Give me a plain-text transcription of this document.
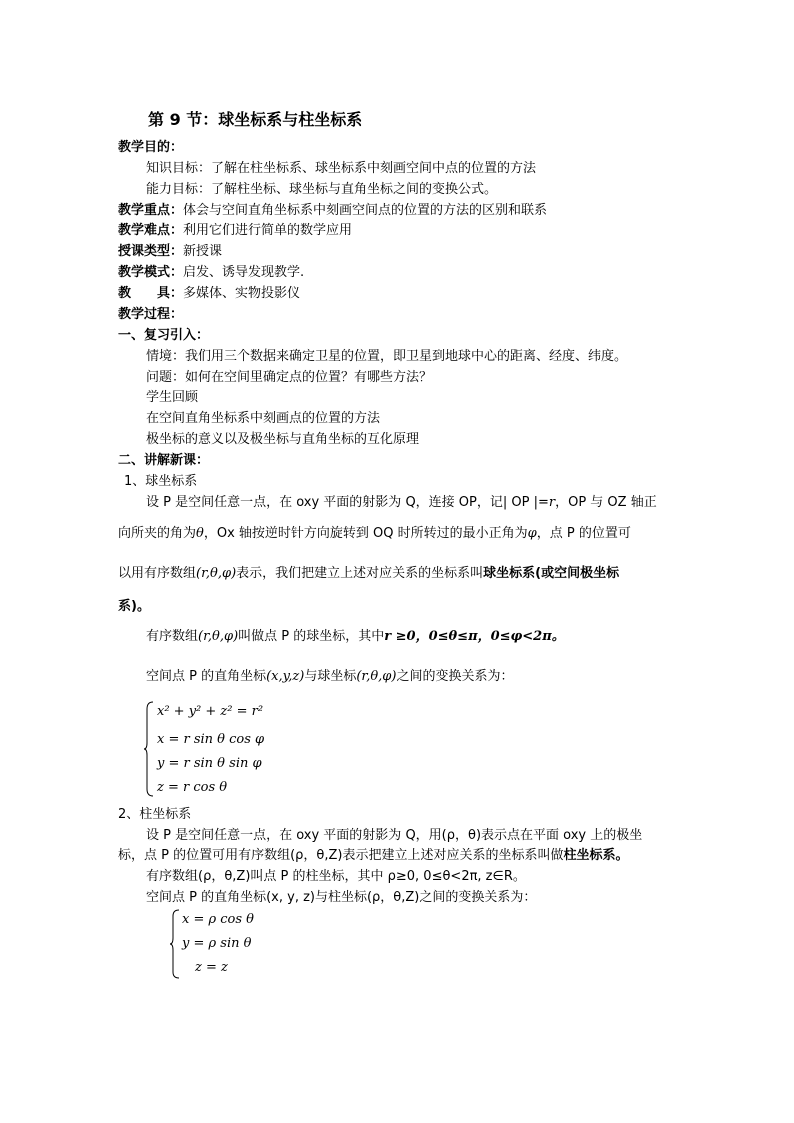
第 9 节：球坐标系与柱坐标系
教学目的：
知识目标：了解在柱坐标系、球坐标系中刻画空间中点的位置的方法
能力目标：了解柱坐标、球坐标与直角坐标之间的变换公式。
教学重点：体会与空间直角坐标系中刻画空间点的位置的方法的区别和联系
教学难点：利用它们进行简单的数学应用
授课类型：新授课
教学模式：启发、诱导发现教学.
教　　具：多媒体、实物投影仪
教学过程：
一、复习引入：
情境：我们用三个数据来确定卫星的位置，即卫星到地球中心的距离、经度、纬度。
问题：如何在空间里确定点的位置？有哪些方法？
学生回顾
在空间直角坐标系中刻画点的位置的方法
极坐标的意义以及极坐标与直角坐标的互化原理
二、讲解新课：
1、球坐标系
设 P 是空间任意一点，在 oxy 平面的射影为 Q，连接 OP，记| OP |=r，OP 与 OZ 轴正
向所夹的角为θ，Ox 轴按逆时针方向旋转到 OQ 时所转过的最小正角为φ，点 P 的位置可
以用有序数组(r,θ,φ)表示，我们把建立上述对应关系的坐标系叫球坐标系(或空间极坐标
系)。
有序数组(r,θ,φ)叫做点 P 的球坐标，其中r ≥0，0≤θ≤π，0≤φ<2π。
空间点 P 的直角坐标(x,y,z)与球坐标(r,θ,φ)之间的变换关系为：
x² + y² + z² = r²
x = r sin θ cos φ
y = r sin θ sin φ
z = r cos θ
2、柱坐标系
设 P 是空间任意一点，在 oxy 平面的射影为 Q，用(ρ，θ)表示点在平面 oxy 上的极坐
标，点 P 的位置可用有序数组(ρ，θ,Z)表示把建立上述对应关系的坐标系叫做柱坐标系。
有序数组(ρ，θ,Z)叫点 P 的柱坐标，其中 ρ≥0, 0≤θ<2π, z∈R。
空间点 P 的直角坐标(x, y, z)与柱坐标(ρ，θ,Z)之间的变换关系为：
x = ρ cos θ
y = ρ sin θ
z = z
